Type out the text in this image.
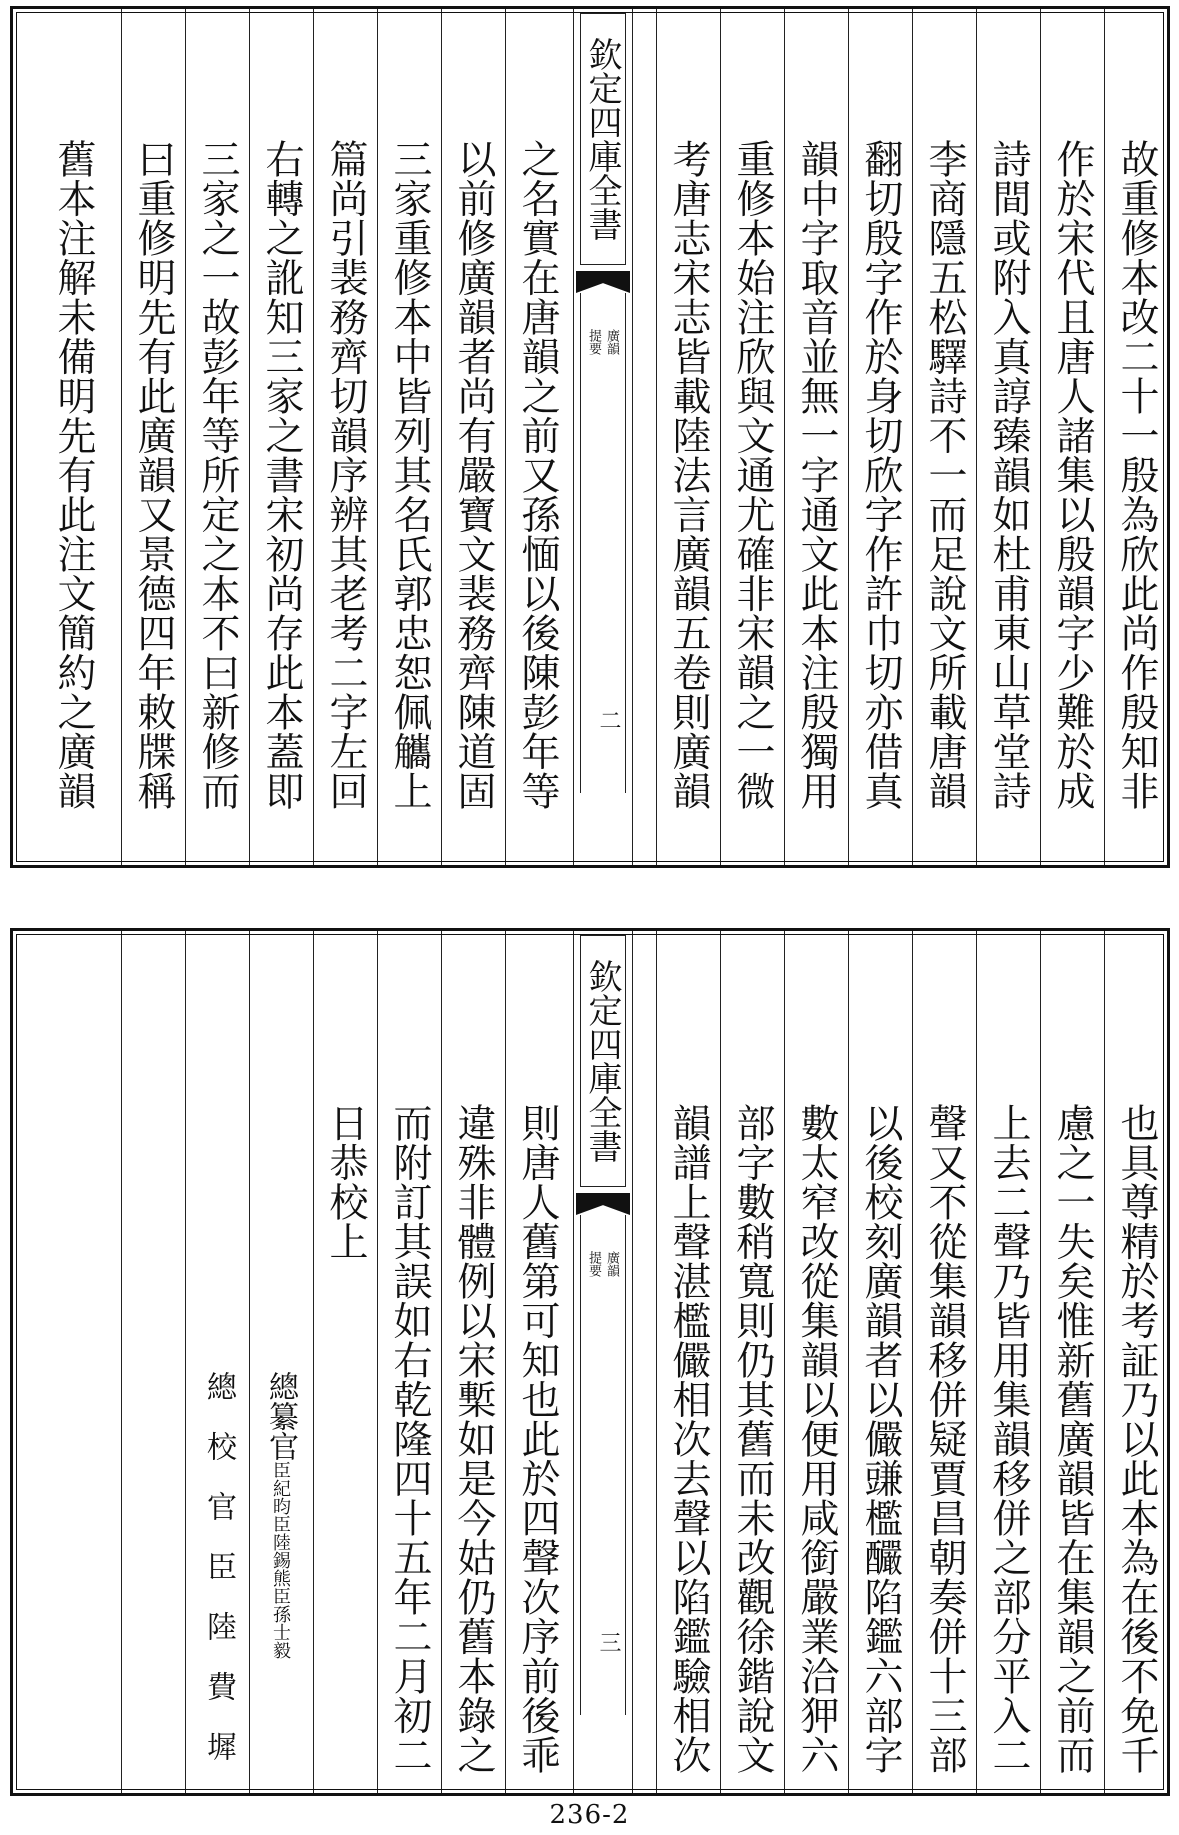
故重修本改二十一殷為欣此尚作殷知非
作於宋代且唐人諸集以殷韻字少難於成
詩間或附入真諄臻韻如杜甫東山草堂詩
李商隱五松驛詩不一而足說文所載唐韻
翻切殷字作於身切欣字作許巾切亦借真
韻中字取音並無一字通文此本注殷獨用
重修本始注欣與文通尤確非宋韻之一微
考唐志宋志皆載陸法言廣韻五卷則廣韻
欽定四庫全書
廣韻
提要
二
之名實在唐韻之前又孫愐以後陳彭年等
以前修廣韻者尚有嚴寶文裴務齊陳道固
三家重修本中皆列其名氏郭忠恕佩觿上
篇尚引裴務齊切韻序辨其老考二字左回
右轉之訛知三家之書宋初尚存此本蓋即
三家之一故彭年等所定之本不曰新修而
曰重修明先有此廣韻又景德四年敕牒稱
舊本注解未備明先有此注文簡約之廣韻
也具尊精於考証乃以此本為在後不免千
慮之一失矣惟新舊廣韻皆在集韻之前而
上去二聲乃皆用集韻移併之部分平入二
聲又不從集韻移併疑賈昌朝奏併十三部
以後校刻廣韻者以儼豏檻釅陷鑑六部字
數太窄改從集韻以便用咸銜嚴業洽狎六
部字數稍寬則仍其舊而未改觀徐鍇說文
韻譜上聲湛檻儼相次去聲以陷鑑驗相次
欽定四庫全書
廣韻
提要
三
則唐人舊第可知也此於四聲次序前後乖
違殊非體例以宋槧如是今姑仍舊本錄之
而附訂其誤如右乾隆四十五年二月初二
日恭校上
總纂官臣紀昀臣陸錫熊臣孫士毅
總　校　官　臣　陸　費　墀
236-2
